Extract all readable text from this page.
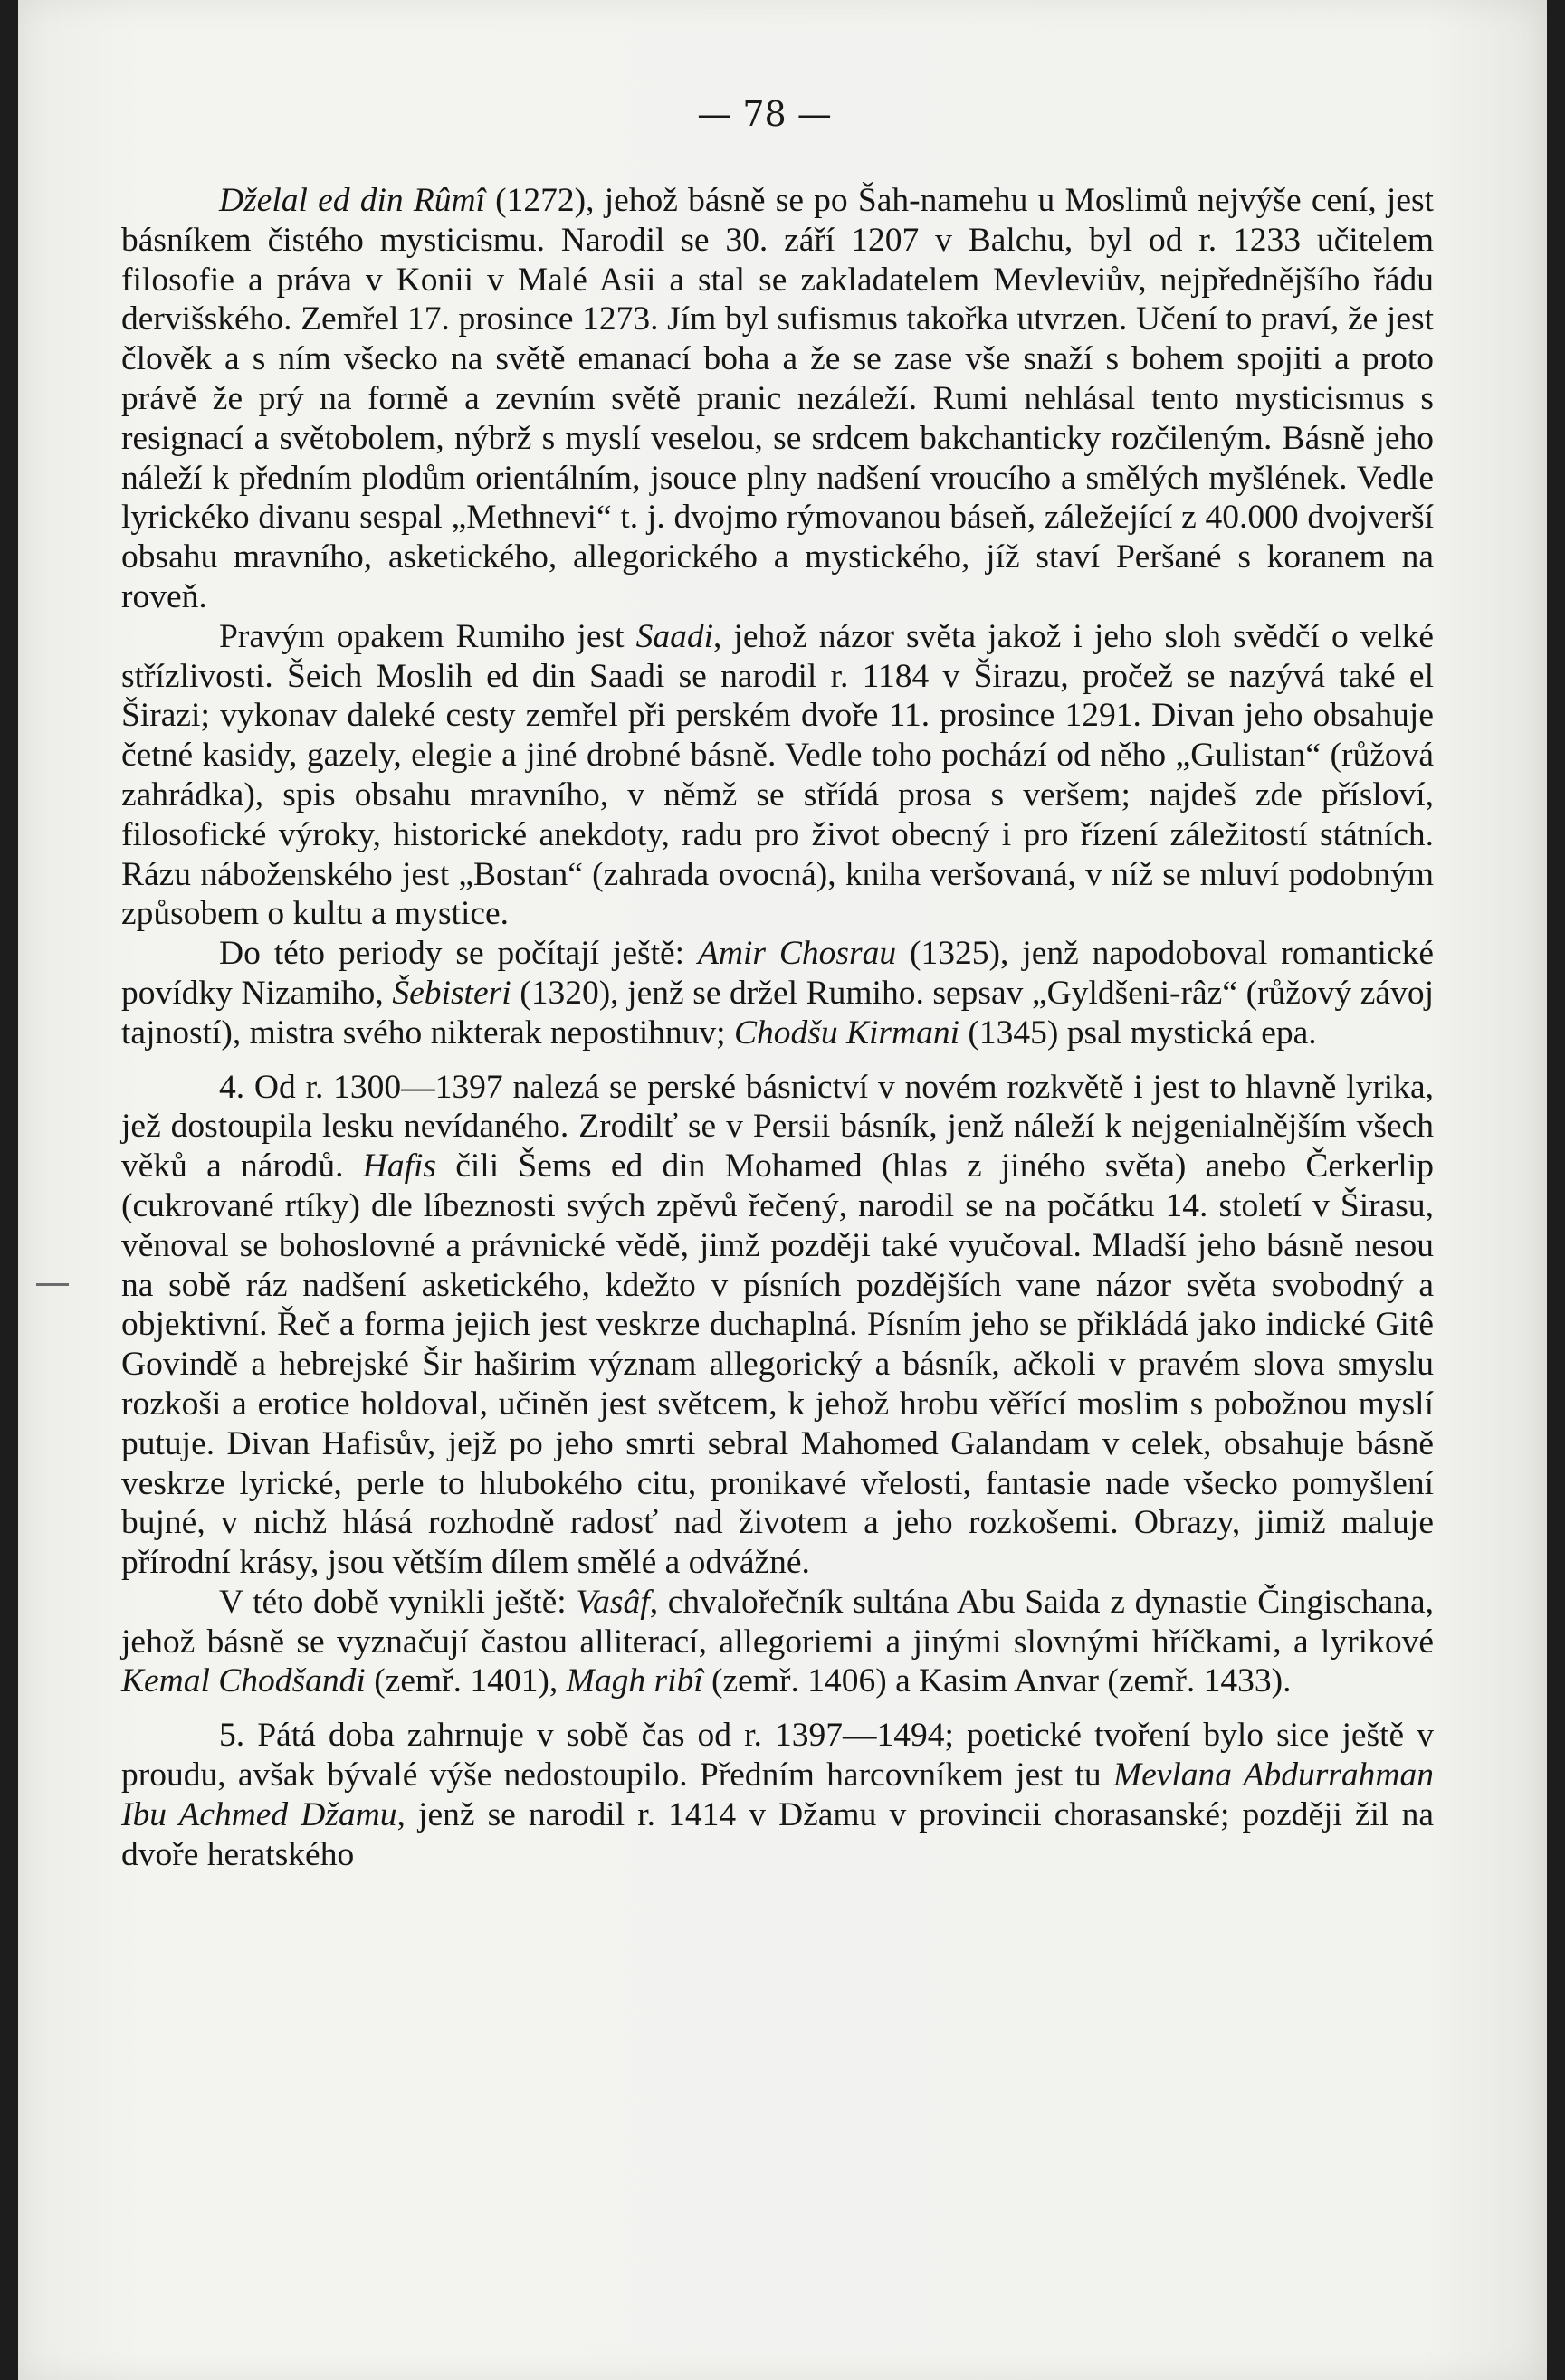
— 78 —

Dželal ed din Rûmî (1272), jehož básně se po Šah-namehu u Moslimů nejvýše cení, jest básníkem čistého mysticismu. Narodil se 30. září 1207 v Balchu, byl od r. 1233 učitelem filosofie a práva v Konii v Malé Asii a stal se zakladatelem Mevleviův, nejpřednějšího řádu dervišského. Zemřel 17. prosince 1273. Jím byl sufismus takořka utvrzen. Učení to praví, že jest člověk a s ním všecko na světě emanací boha a že se zase vše snaží s bohem spojiti a proto právě že prý na formě a zevním světě pranic nezáleží. Rumi nehlásal tento mysticismus s resignací a světobolem, nýbrž s myslí veselou, se srdcem bakchanticky rozčileným. Básně jeho náleží k předním plodům orientálním, jsouce plny nadšení vroucího a smělých myšlének. Vedle lyrickéko divanu sespal „Methnevi“ t. j. dvojmo rýmovanou báseň, záležející z 40.000 dvojverší obsahu mravního, asketického, allegorického a mystického, jíž staví Peršané s koranem na roveň.

Pravým opakem Rumiho jest Saadi, jehož názor světa jakož i jeho sloh svědčí o velké střízlivosti. Šeich Moslih ed din Saadi se narodil r. 1184 v Širazu, pročež se nazývá také el Širazi; vykonav daleké cesty zemřel při perském dvoře 11. prosince 1291. Divan jeho obsahuje četné kasidy, gazely, elegie a jiné drobné básně. Vedle toho pochází od něho „Gulistan“ (růžová zahrádka), spis obsahu mravního, v němž se střídá prosa s veršem; najdeš zde přísloví, filosofické výroky, historické anekdoty, radu pro život obecný i pro řízení záležitostí státních. Rázu náboženského jest „Bostan“ (zahrada ovocná), kniha veršovaná, v níž se mluví podobným způsobem o kultu a mystice.

Do této periody se počítají ještě: Amir Chosrau (1325), jenž napodoboval romantické povídky Nizamiho, Šebisteri (1320), jenž se držel Rumiho. sepsav „Gyldšeni-râz“ (růžový závoj tajností), mistra svého nikterak nepostihnuv; Chodšu Kirmani (1345) psal mystická epa.

4. Od r. 1300—1397 nalezá se perské básnictví v novém rozkvětě i jest to hlavně lyrika, jež dostoupila lesku nevídaného. Zrodilť se v Persii básník, jenž náleží k nejgenialnějším všech věků a národů. Hafis čili Šems ed din Mohamed (hlas z jiného světa) anebo Čerkerlip (cukrované rtíky) dle líbeznosti svých zpěvů řečený, narodil se na počátku 14. století v Širasu, věnoval se bohoslovné a právnické vědě, jimž později také vyučoval. Mladší jeho básně nesou na sobě ráz nadšení asketického, kdežto v písních pozdějších vane názor světa svobodný a objektivní. Řeč a forma jejich jest veskrze duchaplná. Písním jeho se přikládá jako indické Gitê Govindě a hebrejské Šir haširim význam allegorický a básník, ačkoli v pravém slova smyslu rozkoši a erotice holdoval, učiněn jest světcem, k jehož hrobu věřící moslim s pobožnou myslí putuje. Divan Hafisův, jejž po jeho smrti sebral Mahomed Galandam v celek, obsahuje básně veskrze lyrické, perle to hlubokého citu, pronikavé vřelosti, fantasie nade všecko pomyšlení bujné, v nichž hlásá rozhodně radosť nad životem a jeho rozkošemi. Obrazy, jimiž maluje přírodní krásy, jsou větším dílem smělé a odvážné.

V této době vynikli ještě: Vasâf, chvalořečník sultána Abu Saida z dynastie Čingischana, jehož básně se vyznačují častou alliterací, allegoriemi a jinými slovnými hříčkami, a lyrikové Kemal Chodšandi (zemř. 1401), Magh ribî (zemř. 1406) a Kasim Anvar (zemř. 1433).

5. Pátá doba zahrnuje v sobě čas od r. 1397—1494; poetické tvoření bylo sice ještě v proudu, avšak bývalé výše nedostoupilo. Předním harcovníkem jest tu Mevlana Abdurrahman Ibu Achmed Džamu, jenž se narodil r. 1414 v Džamu v provincii chorasanské; později žil na dvoře heratského
